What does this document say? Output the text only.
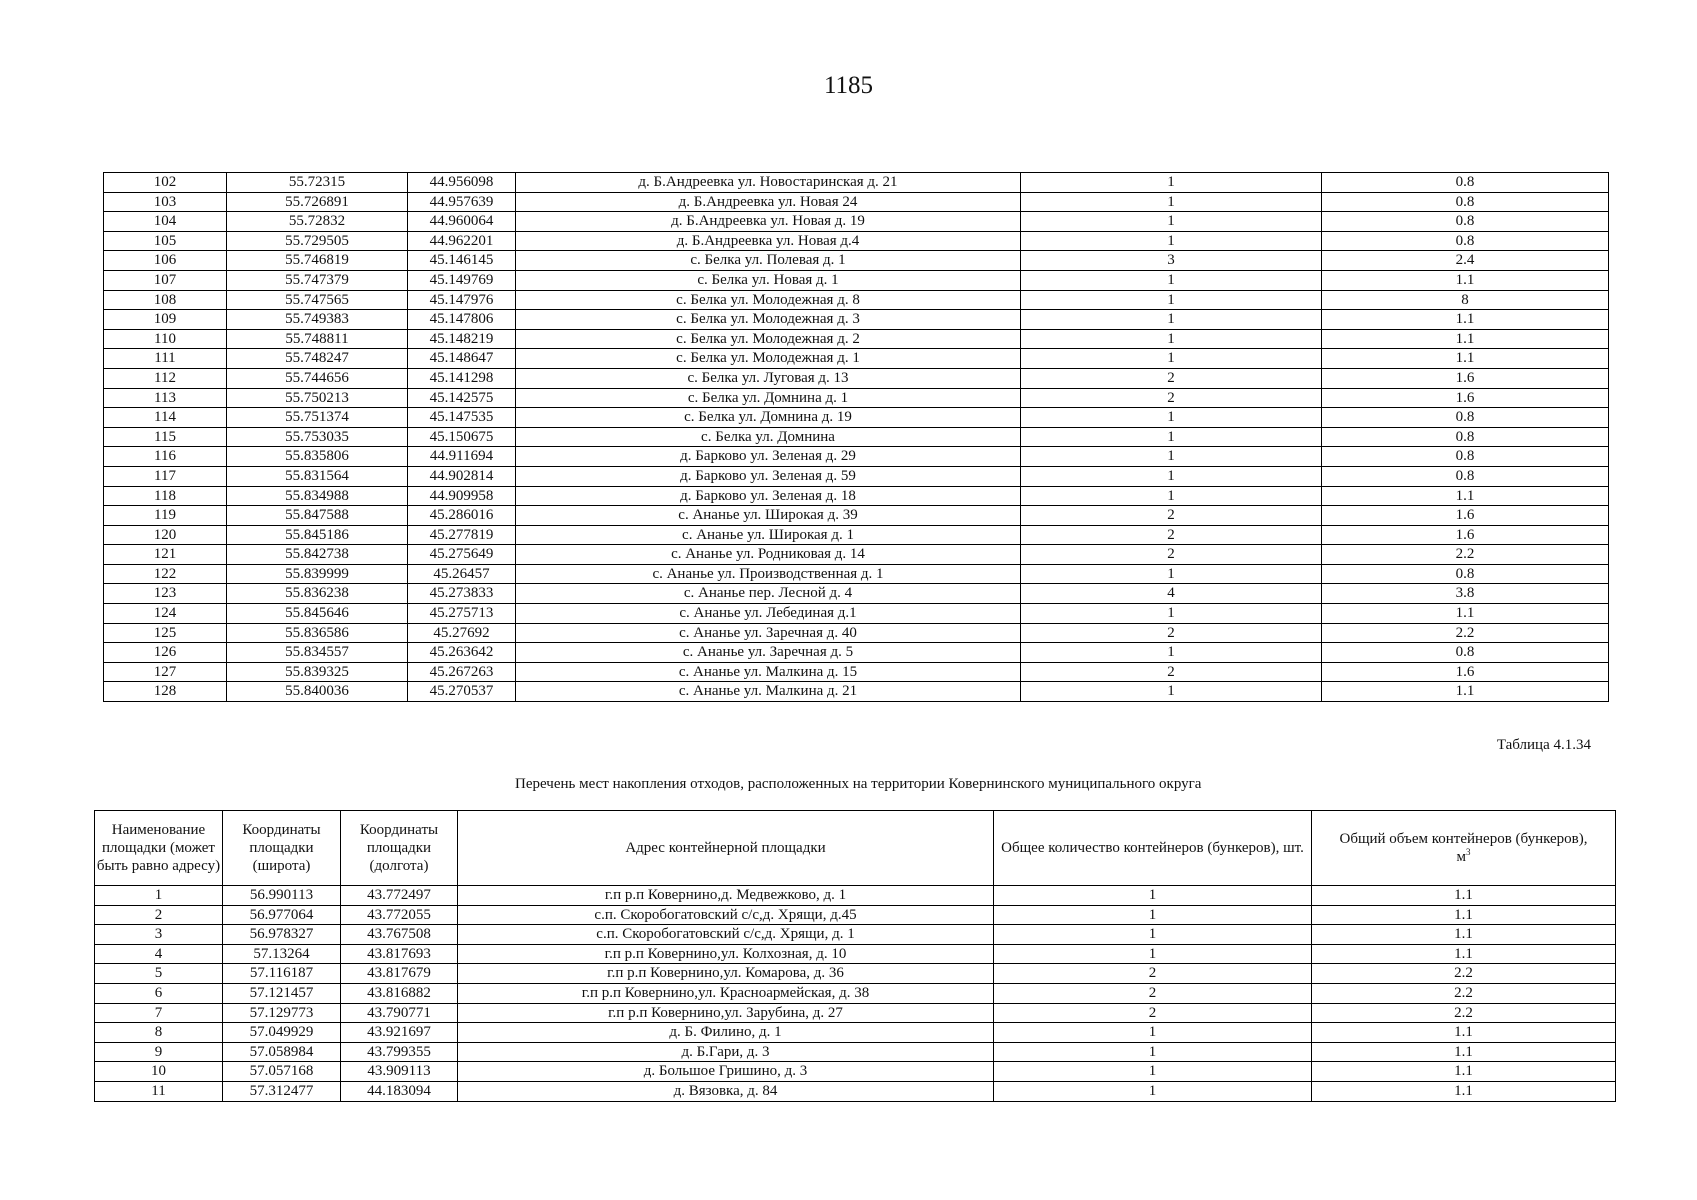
1185
102	55.72315	44.956098	д. Б.Андреевка ул. Новостаринская д. 21	1	0.8
103	55.726891	44.957639	д. Б.Андреевка ул. Новая 24	1	0.8
104	55.72832	44.960064	д. Б.Андреевка ул. Новая д. 19	1	0.8
105	55.729505	44.962201	д. Б.Андреевка ул. Новая д.4	1	0.8
106	55.746819	45.146145	с. Белка ул. Полевая д. 1	3	2.4
107	55.747379	45.149769	с. Белка ул. Новая д. 1	1	1.1
108	55.747565	45.147976	с. Белка ул. Молодежная д. 8	1	8
109	55.749383	45.147806	с. Белка ул. Молодежная д. 3	1	1.1
110	55.748811	45.148219	с. Белка ул. Молодежная д. 2	1	1.1
111	55.748247	45.148647	с. Белка ул. Молодежная д. 1	1	1.1
112	55.744656	45.141298	с. Белка ул. Луговая д. 13	2	1.6
113	55.750213	45.142575	с. Белка ул. Домнина д. 1	2	1.6
114	55.751374	45.147535	с. Белка ул. Домнина д. 19	1	0.8
115	55.753035	45.150675	с. Белка ул. Домнина	1	0.8
116	55.835806	44.911694	д. Барково ул. Зеленая д. 29	1	0.8
117	55.831564	44.902814	д. Барково ул. Зеленая д. 59	1	0.8
118	55.834988	44.909958	д. Барково ул. Зеленая д. 18	1	1.1
119	55.847588	45.286016	с. Ананье ул. Широкая д. 39	2	1.6
120	55.845186	45.277819	с. Ананье ул. Широкая д. 1	2	1.6
121	55.842738	45.275649	с. Ананье ул. Родниковая д. 14	2	2.2
122	55.839999	45.26457	с. Ананье ул. Производственная д. 1	1	0.8
123	55.836238	45.273833	с. Ананье пер. Лесной д. 4	4	3.8
124	55.845646	45.275713	с. Ананье ул. Лебединая д.1	1	1.1
125	55.836586	45.27692	с. Ананье ул. Заречная д. 40	2	2.2
126	55.834557	45.263642	с. Ананье ул. Заречная д. 5	1	0.8
127	55.839325	45.267263	с. Ананье ул. Малкина д. 15	2	1.6
128	55.840036	45.270537	с. Ананье ул. Малкина д. 21	1	1.1
Таблица 4.1.34
Перечень мест накопления отходов, расположенных на территории Ковернинского муниципального округа
Наименование площадки (может быть равно адресу)	Координаты площадки (широта)	Координаты площадки (долгота)	Адрес контейнерной площадки	Общее количество контейнеров (бункеров), шт.	Общий объем контейнеров (бункеров),
$м^3$
1	56.990113	43.772497	г.п р.п Ковернино,д. Медвежково, д. 1	1	1.1
2	56.977064	43.772055	с.п. Скоробогатовский с/с,д. Хрящи, д.45	1	1.1
3	56.978327	43.767508	с.п. Скоробогатовский с/с,д. Хрящи, д. 1	1	1.1
4	57.13264	43.817693	г.п р.п Ковернино,ул. Колхозная, д. 10	1	1.1
5	57.116187	43.817679	г.п р.п Ковернино,ул. Комарова, д. 36	2	2.2
6	57.121457	43.816882	г.п р.п Ковернино,ул. Красноармейская, д. 38	2	2.2
7	57.129773	43.790771	г.п р.п Ковернино,ул. Зарубина, д. 27	2	2.2
8	57.049929	43.921697	д. Б. Филино, д. 1	1	1.1
9	57.058984	43.799355	д. Б.Гари, д. 3	1	1.1
10	57.057168	43.909113	д. Большое Гришино, д. 3	1	1.1
11	57.312477	44.183094	д. Вязовка, д. 84	1	1.1
